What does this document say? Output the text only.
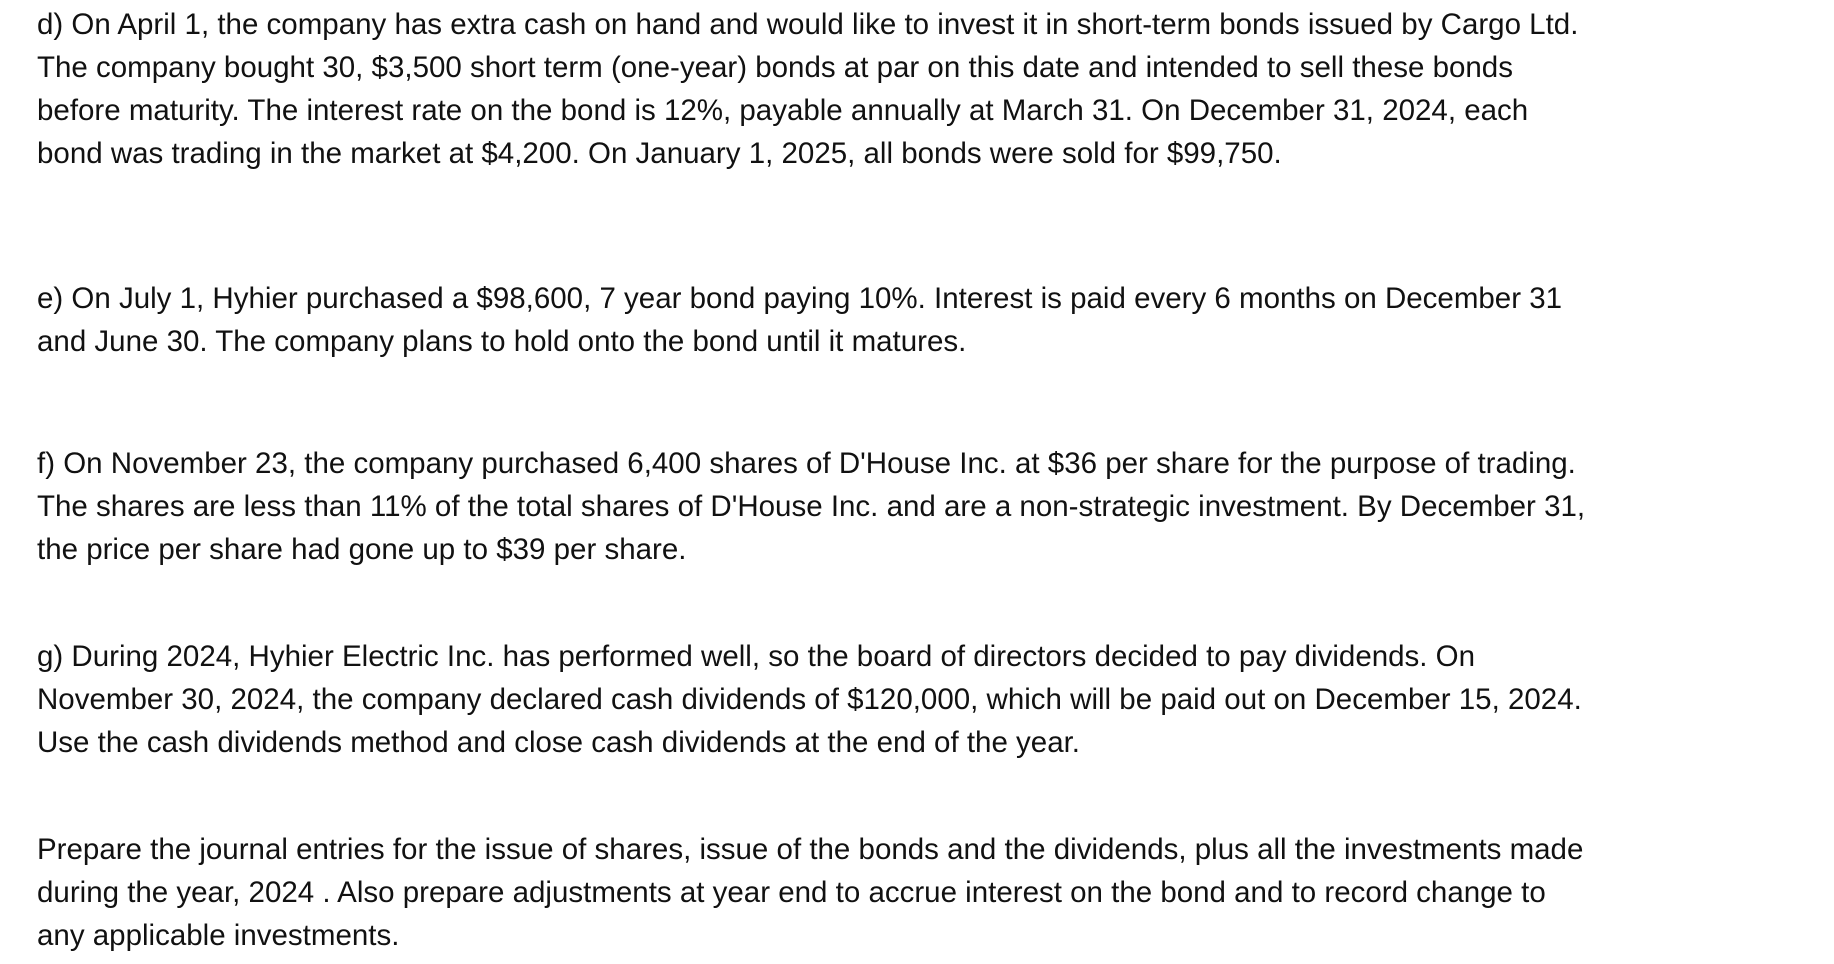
d) On April 1, the company has extra cash on hand and would like to invest it in short-term bonds issued by Cargo Ltd.
The company bought 30, $3,500 short term (one-year) bonds at par on this date and intended to sell these bonds
before maturity. The interest rate on the bond is 12%, payable annually at March 31. On December 31, 2024, each
bond was trading in the market at $4,200. On January 1, 2025, all bonds were sold for $99,750.

e) On July 1, Hyhier purchased a $98,600, 7 year bond paying 10%. Interest is paid every 6 months on December 31
and June 30. The company plans to hold onto the bond until it matures.

f) On November 23, the company purchased 6,400 shares of D'House Inc. at $36 per share for the purpose of trading.
The shares are less than 11% of the total shares of D'House Inc. and are a non-strategic investment. By December 31,
the price per share had gone up to $39 per share.

g) During 2024, Hyhier Electric Inc. has performed well, so the board of directors decided to pay dividends. On
November 30, 2024, the company declared cash dividends of $120,000, which will be paid out on December 15, 2024.
Use the cash dividends method and close cash dividends at the end of the year.

Prepare the journal entries for the issue of shares, issue of the bonds and the dividends, plus all the investments made
during the year, 2024 . Also prepare adjustments at year end to accrue interest on the bond and to record change to
any applicable investments.
